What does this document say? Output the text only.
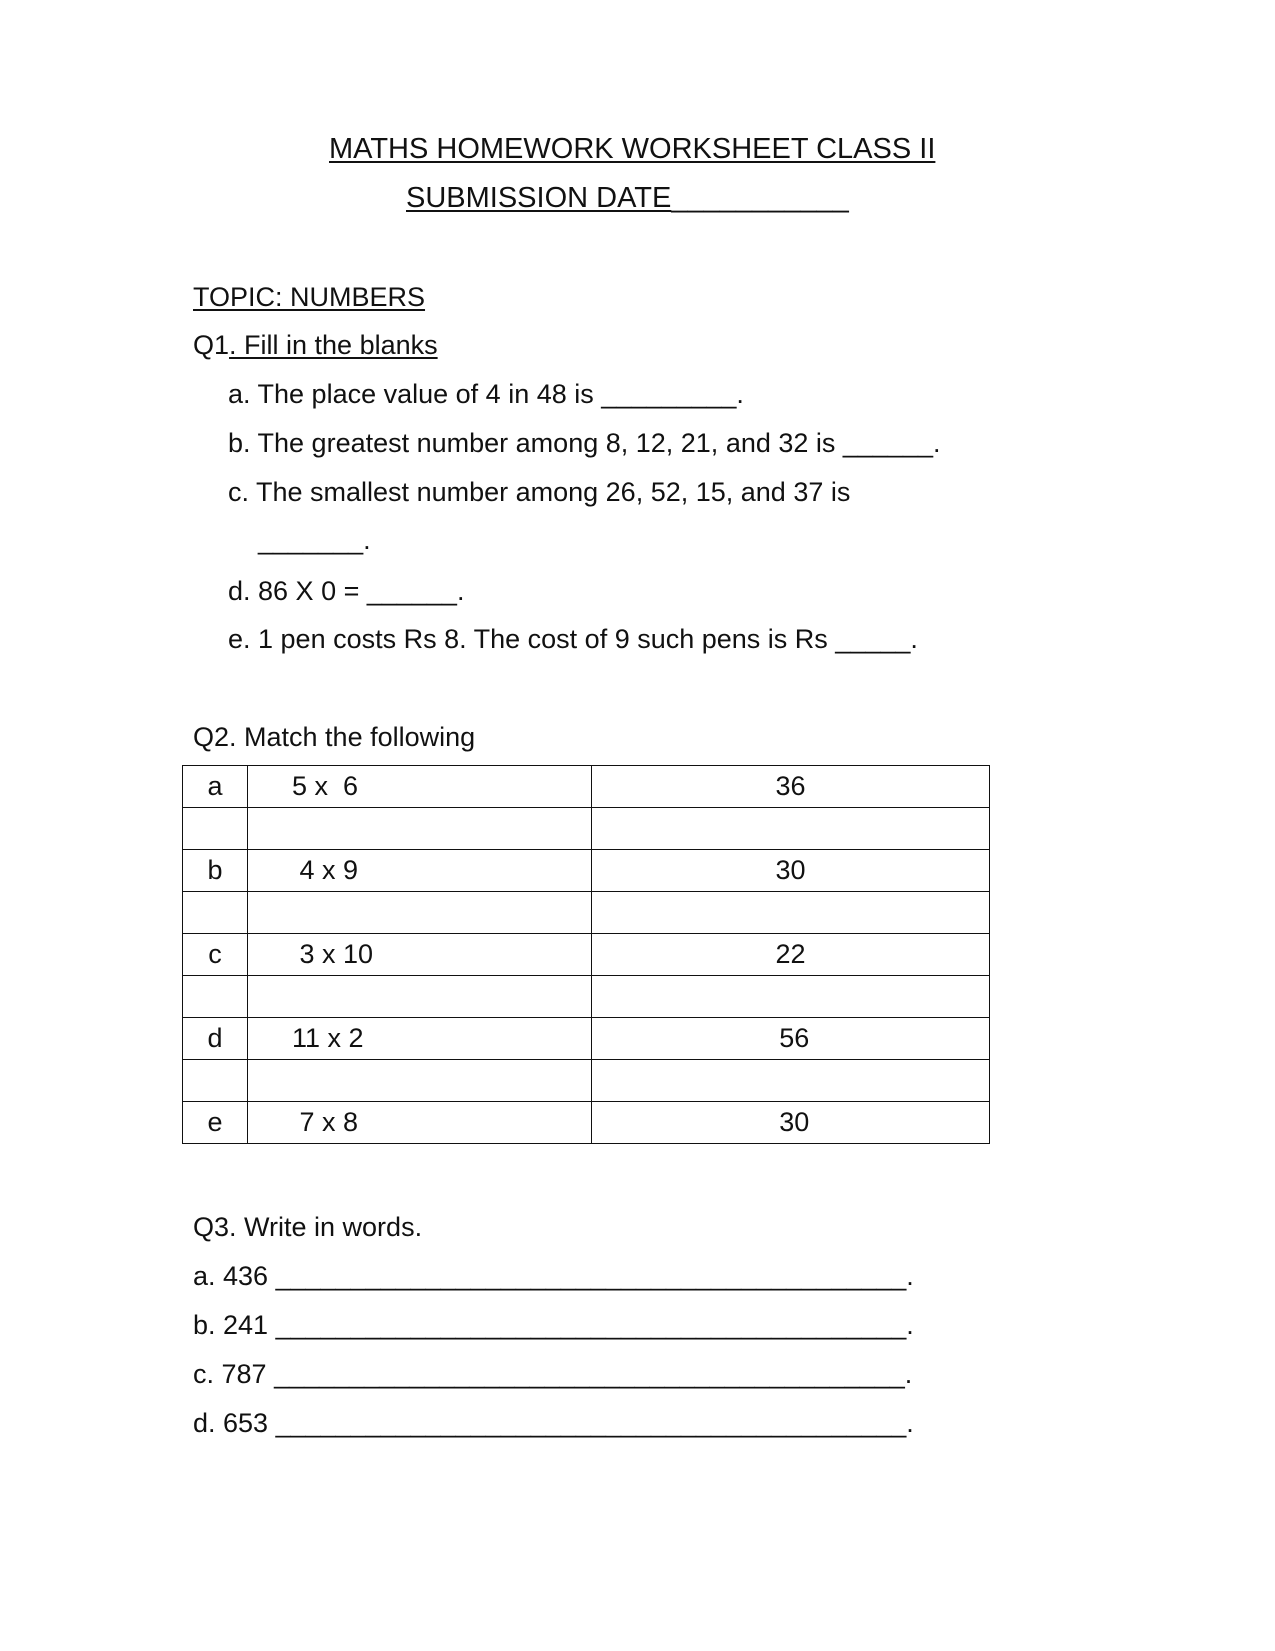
MATHS HOMEWORK WORKSHEET CLASS II
SUBMISSION DATE___________
TOPIC: NUMBERS
Q1. Fill in the blanks
a. The place value of 4 in 48 is _________.
b. The greatest number among 8, 12, 21, and 32 is ______.
c. The smallest number among 26, 52, 15, and 37 is
_______.
d. 86 X 0 = ______.
e. 1 pen costs Rs 8. The cost of 9 such pens is Rs _____.
Q2. Match the following
a	5 x  6	36

b	4 x 9	30

c	3 x 10	22

d	11 x 2	56

e	7 x 8	30
Q3. Write in words.
a. 436 __________________________________________.
b. 241 __________________________________________.
c. 787 __________________________________________.
d. 653 __________________________________________.
